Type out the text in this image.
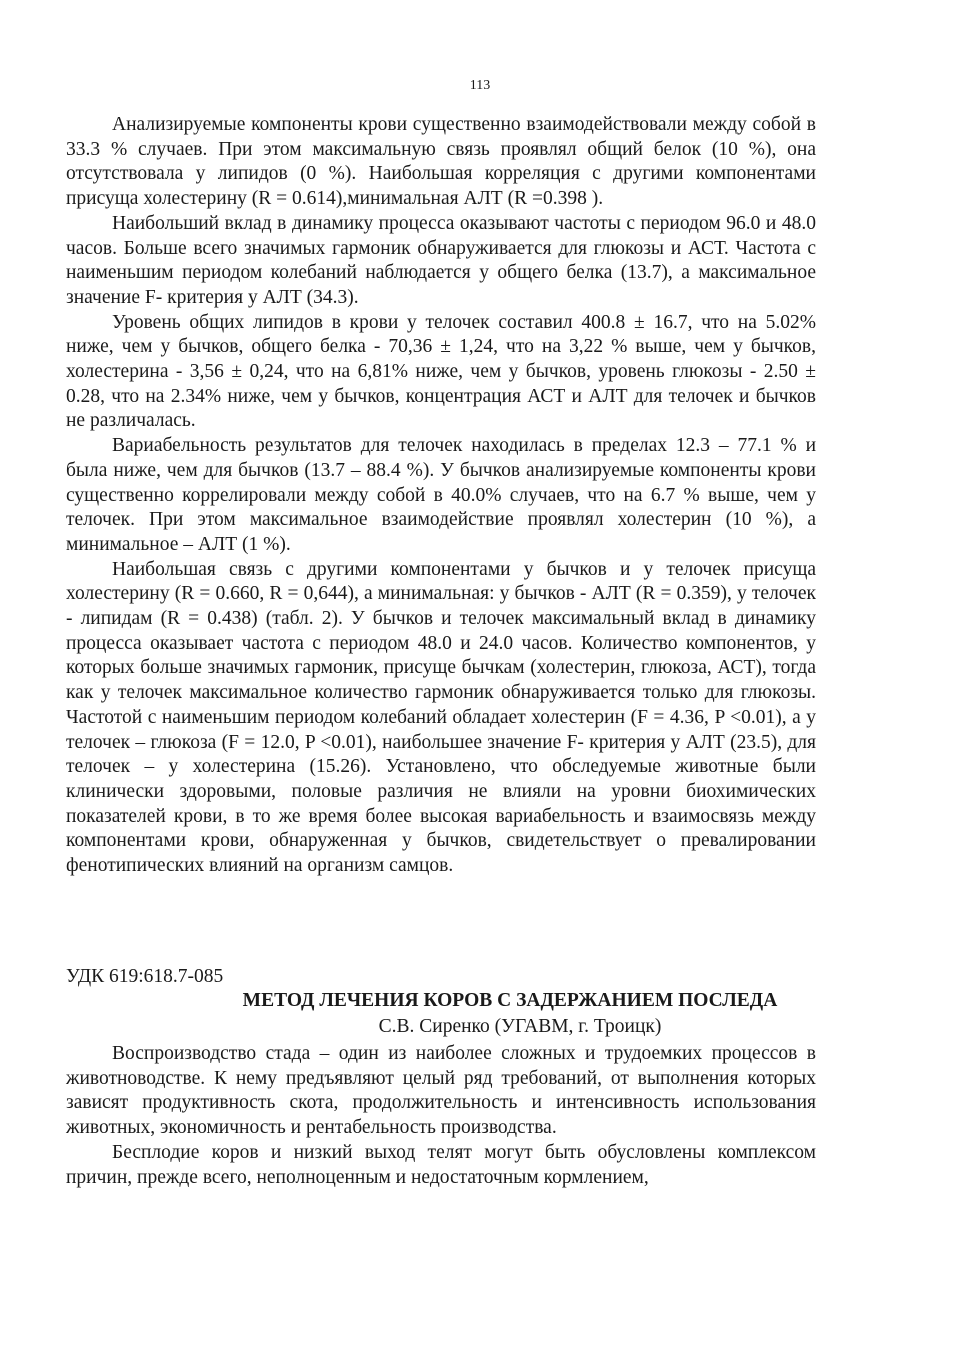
113

Анализируемые компоненты крови существенно взаимодействовали между собой в 33.3 % случаев. При этом максимальную связь проявлял общий белок (10 %), она отсутствовала у липидов (0 %). Наибольшая корреляция с другими компонентами присуща холестерину (R = 0.614),минимальная АЛТ (R =0.398 ).

Наибольший вклад в динамику процесса оказывают частоты с периодом 96.0 и 48.0 часов. Больше всего значимых гармоник обнаруживается для глюкозы и АСТ. Частота с наименьшим периодом колебаний наблюдается у общего белка (13.7), а максимальное значение F- критерия у АЛТ (34.3).

Уровень общих липидов в крови у телочек составил 400.8 ± 16.7, что на 5.02% ниже, чем у бычков, общего белка - 70,36 ± 1,24, что на 3,22 % выше, чем у бычков, холестерина - 3,56 ± 0,24, что на 6,81% ниже, чем у бычков, уровень глюкозы - 2.50 ± 0.28, что на 2.34% ниже, чем у бычков, концентрация АСТ и АЛТ для телочек и бычков не различалась.

Вариабельность результатов для телочек находилась в пределах 12.3 – 77.1 % и была ниже, чем для бычков (13.7 – 88.4 %). У бычков анализируемые компоненты крови существенно коррелировали между собой в 40.0% случаев, что на 6.7 % выше, чем у телочек. При этом максимальное взаимодействие проявлял холестерин (10 %), а минимальное – АЛТ (1 %).

Наибольшая связь с другими компонентами у бычков и у телочек присуща холестерину (R = 0.660, R = 0,644), а минимальная: у бычков - АЛТ (R = 0.359), у телочек - липидам (R = 0.438) (табл. 2). У бычков и телочек максимальный вклад в динамику процесса оказывает частота с периодом 48.0 и 24.0 часов. Количество компонентов, у которых больше значимых гармоник, присуще бычкам (холестерин, глюкоза, АСТ), тогда как у телочек максимальное количество гармоник обнаруживается только для глюкозы. Частотой с наименьшим периодом колебаний обладает холестерин (F = 4.36, P <0.01), а у телочек – глюкоза (F = 12.0, P <0.01), наибольшее значение F- критерия у АЛТ (23.5), для телочек – у холестерина (15.26). Установлено, что обследуемые животные были клинически здоровыми, половые различия не влияли на уровни биохимических показателей крови, в то же время более высокая вариабельность и взаимосвязь между компонентами крови, обнаруженная у бычков, свидетельствует о превалировании фенотипических влияний на организм самцов.

УДК 619:618.7-085
МЕТОД ЛЕЧЕНИЯ КОРОВ С ЗАДЕРЖАНИЕМ ПОСЛЕДА
С.В. Сиренко (УГАВМ, г. Троицк)

Воспроизводство стада – один из наиболее сложных и трудоемких процессов в животноводстве. К нему предъявляют целый ряд требований, от выполнения которых зависят продуктивность скота, продолжительность и интенсивность использования животных, экономичность и рентабельность производства.

Бесплодие коров и низкий выход телят могут быть обусловлены комплексом причин, прежде всего, неполноценным и недостаточным кормлением,
